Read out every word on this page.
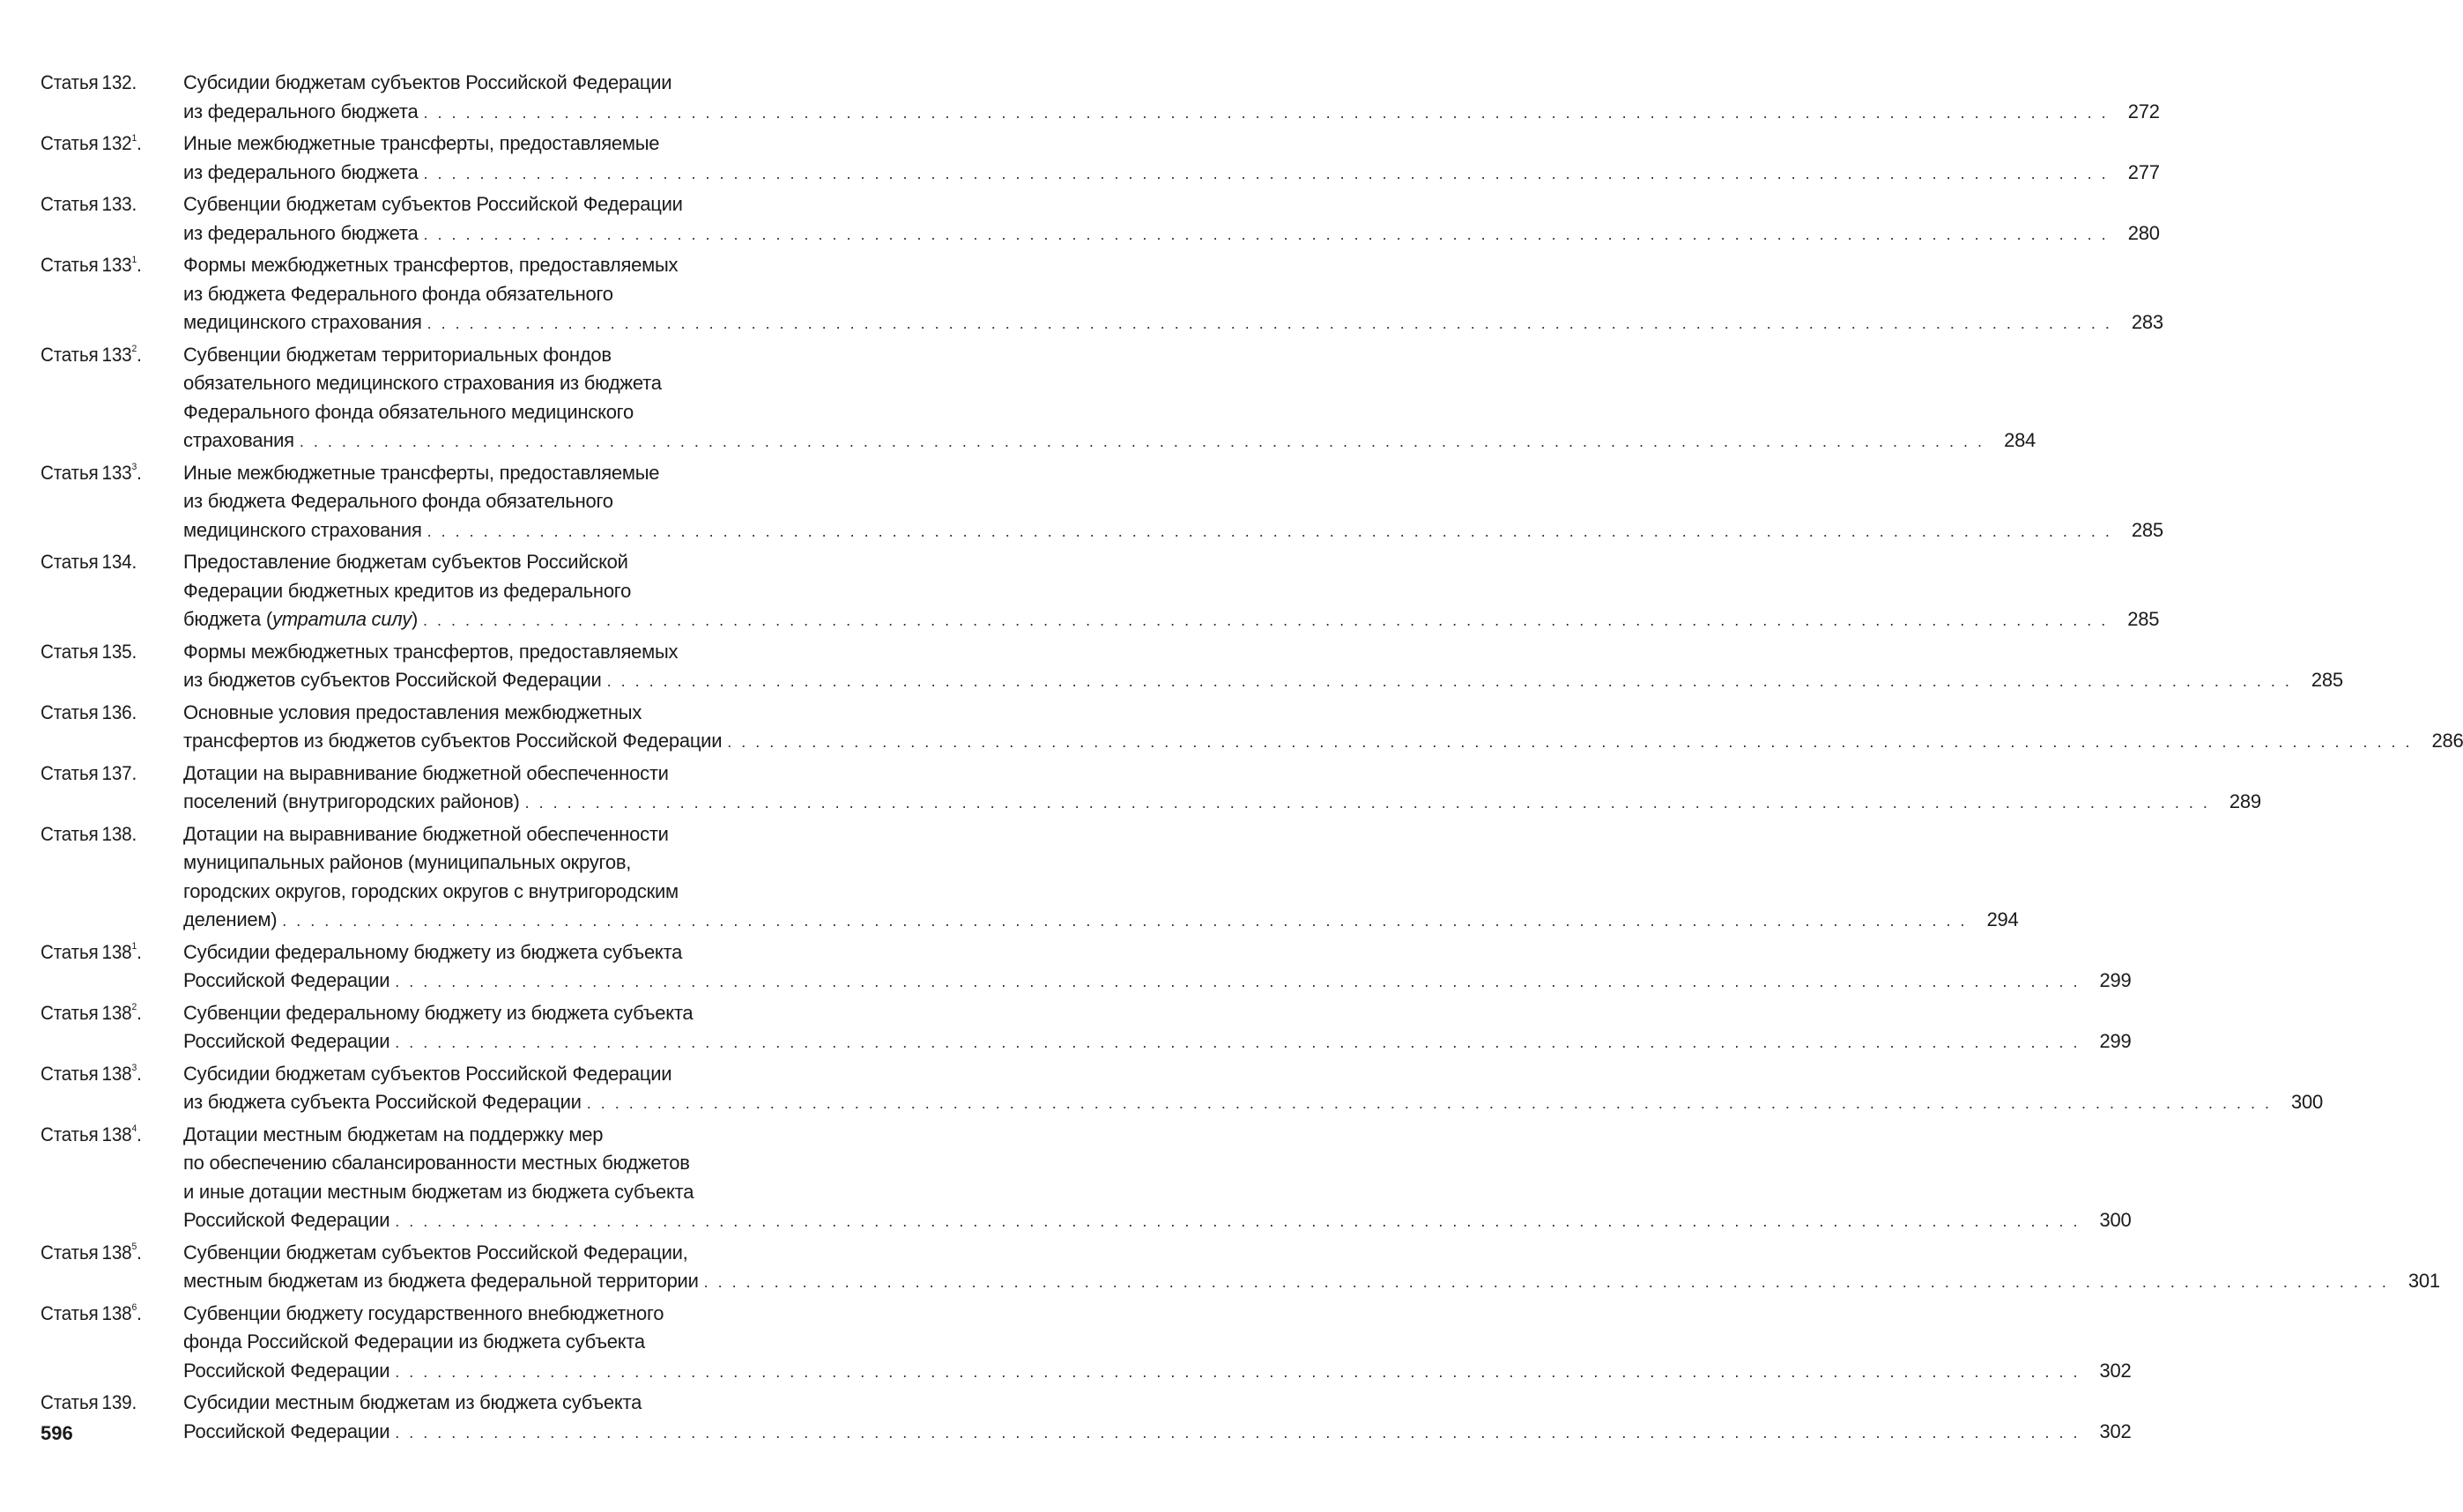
Статья 132. Субсидии бюджетам субъектов Российской Федерации
из федерального бюджета . . . . . . . . . . . . . . . . . . . . . . . . . . . . . . . . . . . . . . . . . . . . . . . . . . . . . . . . . . . . . . . . . . . . . . . . . . . . . . . . . . . . . . . . . . . . . . . . . . . . . . . . . . . . . . . . . . . . . . . .	272
Статья $132^1$. Иные межбюджетные трансферты, предоставляемые
из федерального бюджета . . . . . . . . . . . . . . . . . . . . . . . . . . . . . . . . . . . . . . . . . . . . . . . . . . . . . . . . . . . . . . . . . . . . . . . . . . . . . . . . . . . . . . . . . . . . . . . . . . . . . . . . . . . . . . . . . . . . . . . .	277
Статья 133. Субвенции бюджетам субъектов Российской Федерации
из федерального бюджета . . . . . . . . . . . . . . . . . . . . . . . . . . . . . . . . . . . . . . . . . . . . . . . . . . . . . . . . . . . . . . . . . . . . . . . . . . . . . . . . . . . . . . . . . . . . . . . . . . . . . . . . . . . . . . . . . . . . . . . .	280
Статья $133^1$. Формы межбюджетных трансфертов, предоставляемых
из бюджета Федерального фонда обязательного
медицинского страхования . . . . . . . . . . . . . . . . . . . . . . . . . . . . . . . . . . . . . . . . . . . . . . . . . . . . . . . . . . . . . . . . . . . . . . . . . . . . . . . . . . . . . . . . . . . . . . . . . . . . . . . . . . . . . . . . . . . . . . . .	283
Статья $133^2$. Субвенции бюджетам территориальных фондов
обязательного медицинского страхования из бюджета
Федерального фонда обязательного медицинского
страхования . . . . . . . . . . . . . . . . . . . . . . . . . . . . . . . . . . . . . . . . . . . . . . . . . . . . . . . . . . . . . . . . . . . . . . . . . . . . . . . . . . . . . . . . . . . . . . . . . . . . . . . . . . . . . . . . . . . . . . . .	284
Статья $133^3$. Иные межбюджетные трансферты, предоставляемые
из бюджета Федерального фонда обязательного
медицинского страхования . . . . . . . . . . . . . . . . . . . . . . . . . . . . . . . . . . . . . . . . . . . . . . . . . . . . . . . . . . . . . . . . . . . . . . . . . . . . . . . . . . . . . . . . . . . . . . . . . . . . . . . . . . . . . . . . . . . . . . . .	285
Статья 134. Предоставление бюджетам субъектов Российской
Федерации бюджетных кредитов из федерального
бюджета (утратила силу) . . . . . . . . . . . . . . . . . . . . . . . . . . . . . . . . . . . . . . . . . . . . . . . . . . . . . . . . . . . . . . . . . . . . . . . . . . . . . . . . . . . . . . . . . . . . . . . . . . . . . . . . . . . . . . . . . . . . . . . .	285
Статья 135. Формы межбюджетных трансфертов, предоставляемых
из бюджетов субъектов Российской Федерации . . . . . . . . . . . . . . . . . . . . . . . . . . . . . . . . . . . . . . . . . . . . . . . . . . . . . . . . . . . . . . . . . . . . . . . . . . . . . . . . . . . . . . . . . . . . . . . . . . . . . . . . . . . . . . . . . . . . . . . .	285
Статья 136. Основные условия предоставления межбюджетных
трансфертов из бюджетов субъектов Российской Федерации . . . . . . . . . . . . . . . . . . . . . . . . . . . . . . . . . . . . . . . . . . . . . . . . . . . . . . . . . . . . . . . . . . . . . . . . . . . . . . . . . . . . . . . . . . . . . . . . . . . . . . . . . . . . . . . . . . . . . . . .	286
Статья 137. Дотации на выравнивание бюджетной обеспеченности
поселений (внутригородских районов) . . . . . . . . . . . . . . . . . . . . . . . . . . . . . . . . . . . . . . . . . . . . . . . . . . . . . . . . . . . . . . . . . . . . . . . . . . . . . . . . . . . . . . . . . . . . . . . . . . . . . . . . . . . . . . . . . . . . . . . .	289
Статья 138. Дотации на выравнивание бюджетной обеспеченности
муниципальных районов (муниципальных округов,
городских округов, городских округов с внутригородским
делением) . . . . . . . . . . . . . . . . . . . . . . . . . . . . . . . . . . . . . . . . . . . . . . . . . . . . . . . . . . . . . . . . . . . . . . . . . . . . . . . . . . . . . . . . . . . . . . . . . . . . . . . . . . . . . . . . . . . . . . . .	294
Статья $138^1$. Субсидии федеральному бюджету из бюджета субъекта
Российской Федерации . . . . . . . . . . . . . . . . . . . . . . . . . . . . . . . . . . . . . . . . . . . . . . . . . . . . . . . . . . . . . . . . . . . . . . . . . . . . . . . . . . . . . . . . . . . . . . . . . . . . . . . . . . . . . . . . . . . . . . . .	299
Статья $138^2$. Субвенции федеральному бюджету из бюджета субъекта
Российской Федерации . . . . . . . . . . . . . . . . . . . . . . . . . . . . . . . . . . . . . . . . . . . . . . . . . . . . . . . . . . . . . . . . . . . . . . . . . . . . . . . . . . . . . . . . . . . . . . . . . . . . . . . . . . . . . . . . . . . . . . . .	299
Статья $138^3$. Субсидии бюджетам субъектов Российской Федерации
из бюджета субъекта Российской Федерации . . . . . . . . . . . . . . . . . . . . . . . . . . . . . . . . . . . . . . . . . . . . . . . . . . . . . . . . . . . . . . . . . . . . . . . . . . . . . . . . . . . . . . . . . . . . . . . . . . . . . . . . . . . . . . . . . . . . . . . .	300
Статья $138^4$. Дотации местным бюджетам на поддержку мер
по обеспечению сбалансированности местных бюджетов
и иные дотации местным бюджетам из бюджета субъекта
Российской Федерации . . . . . . . . . . . . . . . . . . . . . . . . . . . . . . . . . . . . . . . . . . . . . . . . . . . . . . . . . . . . . . . . . . . . . . . . . . . . . . . . . . . . . . . . . . . . . . . . . . . . . . . . . . . . . . . . . . . . . . . .	300
Статья $138^5$. Субвенции бюджетам субъектов Российской Федерации,
местным бюджетам из бюджета федеральной территории . . . . . . . . . . . . . . . . . . . . . . . . . . . . . . . . . . . . . . . . . . . . . . . . . . . . . . . . . . . . . . . . . . . . . . . . . . . . . . . . . . . . . . . . . . . . . . . . . . . . . . . . . . . . . . . . . . . . . . . .	301
Статья $138^6$. Субвенции бюджету государственного внебюджетного
фонда Российской Федерации из бюджета субъекта
Российской Федерации . . . . . . . . . . . . . . . . . . . . . . . . . . . . . . . . . . . . . . . . . . . . . . . . . . . . . . . . . . . . . . . . . . . . . . . . . . . . . . . . . . . . . . . . . . . . . . . . . . . . . . . . . . . . . . . . . . . . . . . .	302
Статья 139. Субсидии местным бюджетам из бюджета субъекта
Российской Федерации . . . . . . . . . . . . . . . . . . . . . . . . . . . . . . . . . . . . . . . . . . . . . . . . . . . . . . . . . . . . . . . . . . . . . . . . . . . . . . . . . . . . . . . . . . . . . . . . . . . . . . . . . . . . . . . . . . . . . . . .	302
596
